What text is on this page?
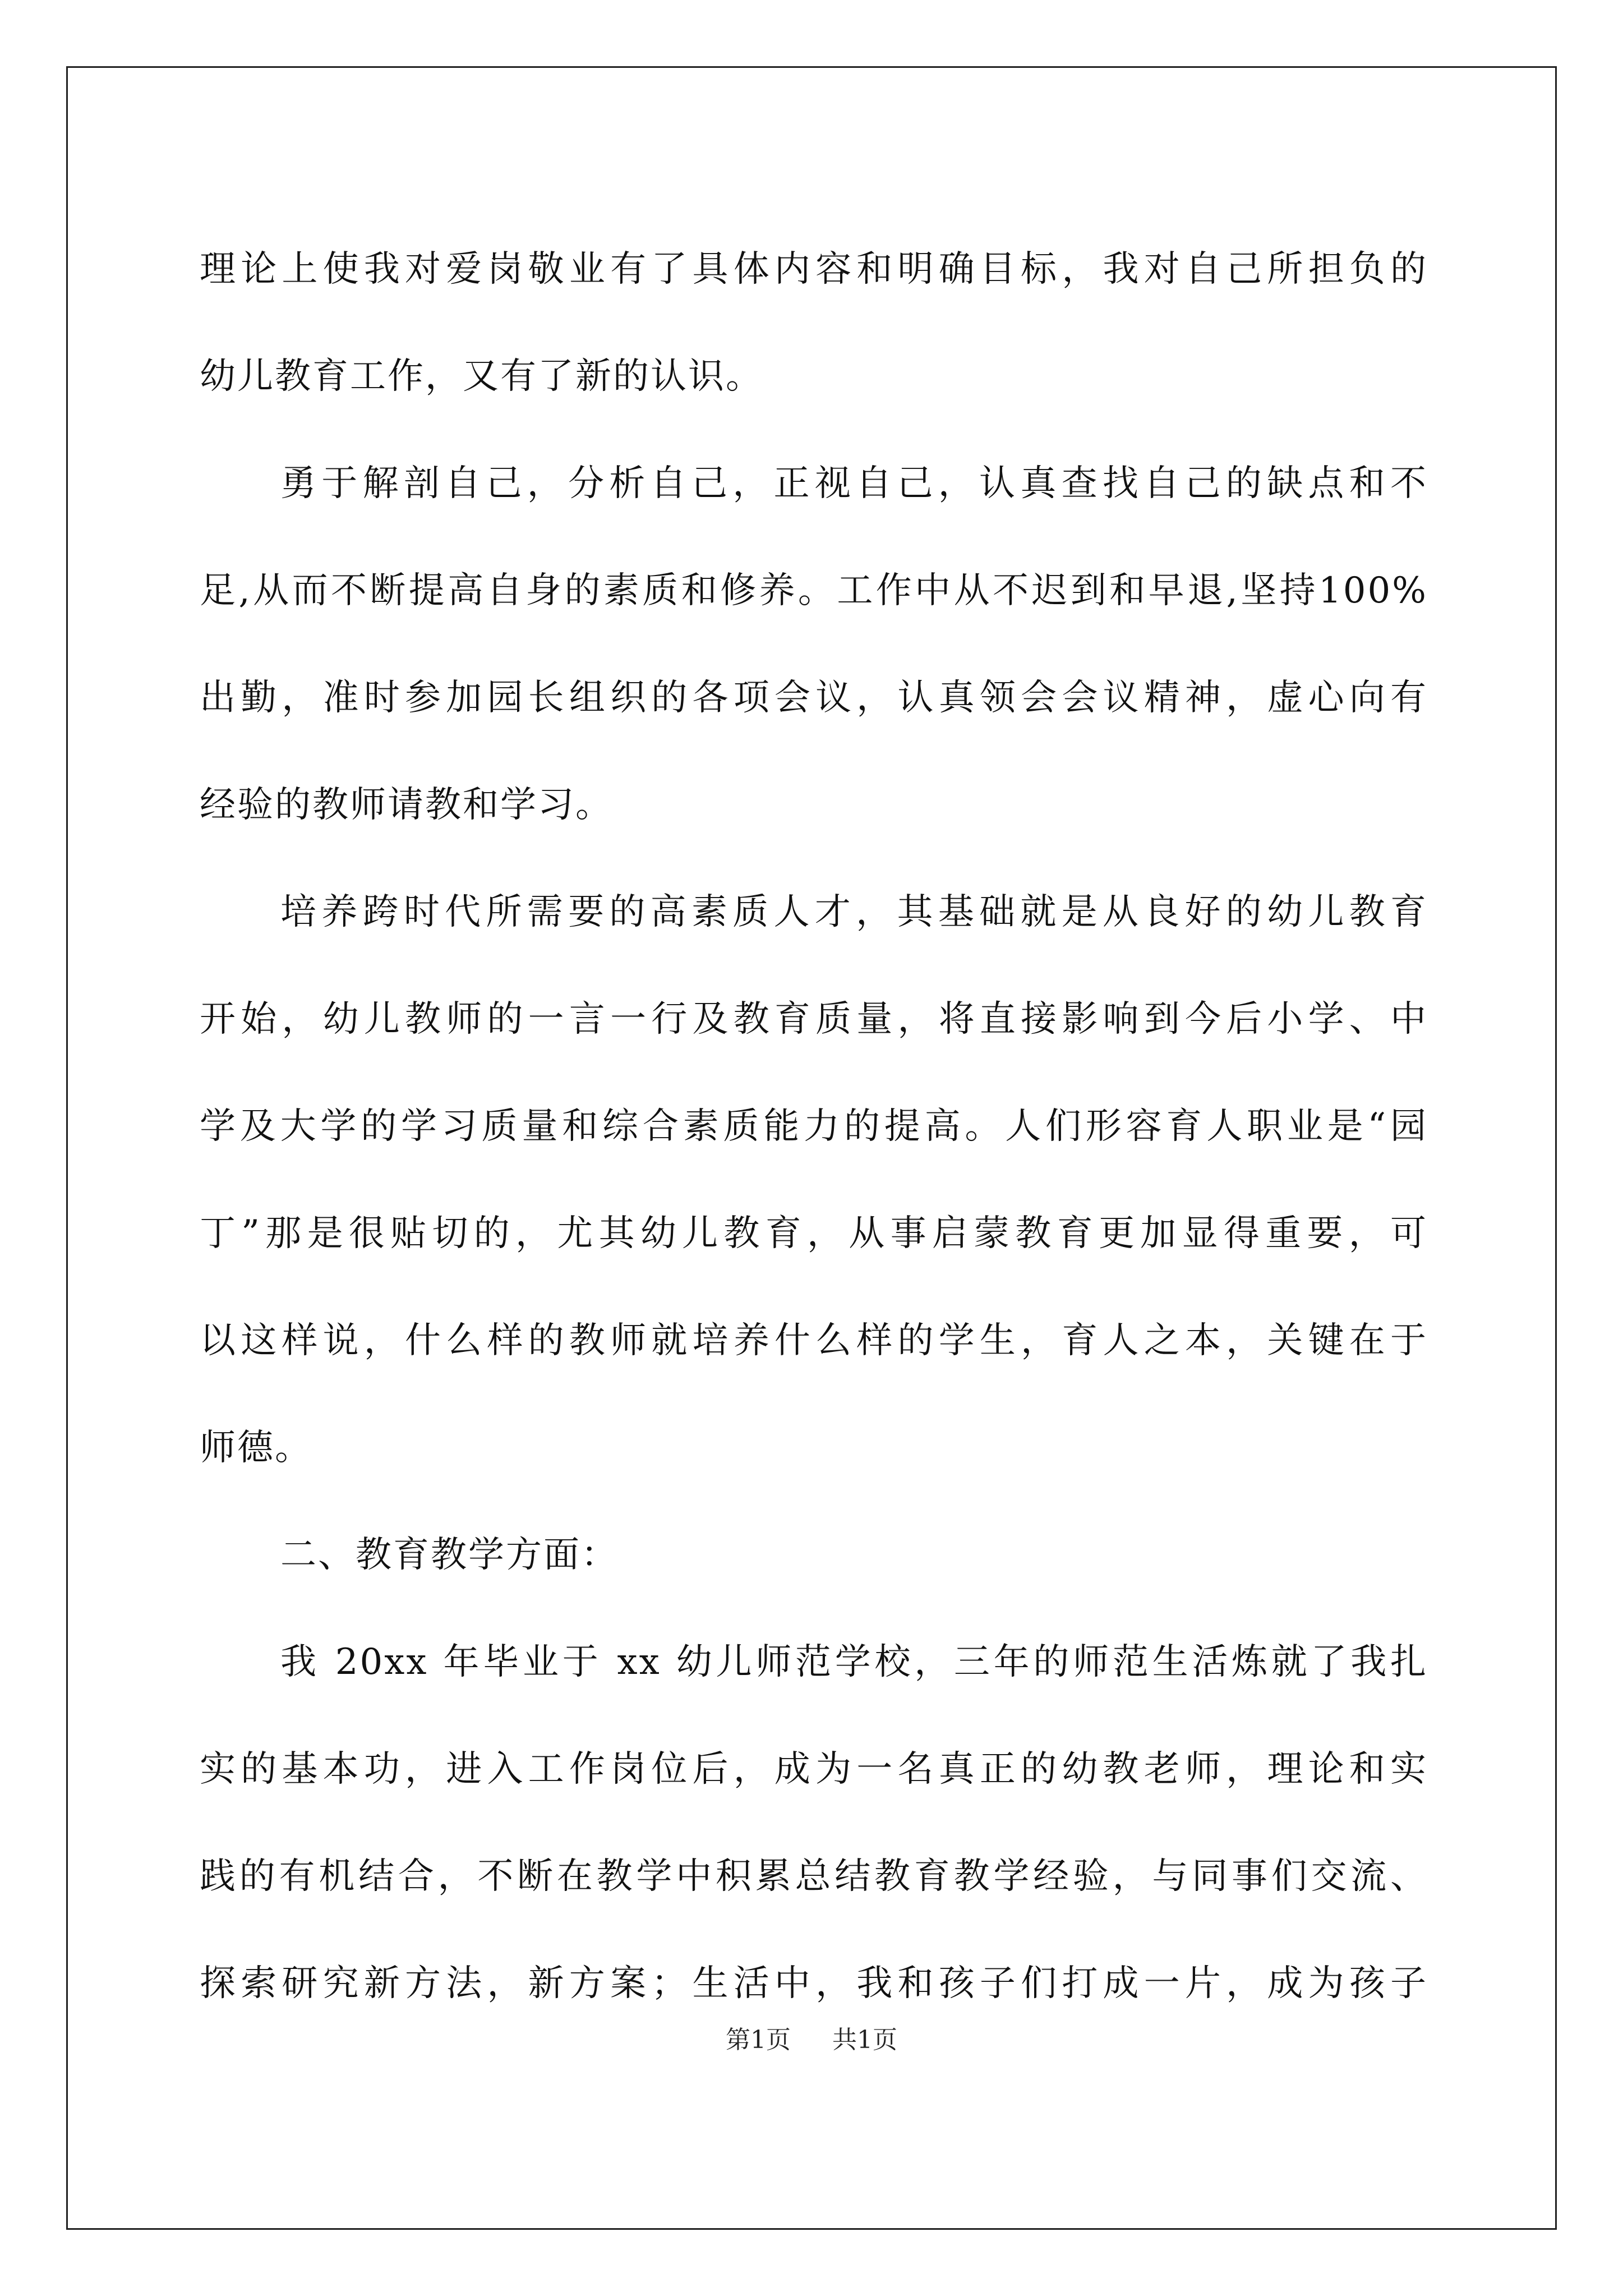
理论上使我对爱岗敬业有了具体内容和明确目标，我对自己所担负的
幼儿教育工作，又有了新的认识。
勇于解剖自己，分析自己，正视自己，认真查找自己的缺点和不
足,从而不断提高自身的素质和修养。工作中从不迟到和早退,坚持100%
出勤，准时参加园长组织的各项会议，认真领会会议精神，虚心向有
经验的教师请教和学习。
培养跨时代所需要的高素质人才，其基础就是从良好的幼儿教育
开始，幼儿教师的一言一行及教育质量，将直接影响到今后小学、中
学及大学的学习质量和综合素质能力的提高。人们形容育人职业是“园
丁”那是很贴切的，尤其幼儿教育，从事启蒙教育更加显得重要，可
以这样说，什么样的教师就培养什么样的学生，育人之本，关键在于
师德。
二、教育教学方面：
我 20xx 年毕业于 xx 幼儿师范学校，三年的师范生活炼就了我扎
实的基本功，进入工作岗位后，成为一名真正的幼教老师，理论和实
践的有机结合，不断在教学中积累总结教育教学经验，与同事们交流、
探索研究新方法，新方案；生活中，我和孩子们打成一片，成为孩子
第1页 共1页
